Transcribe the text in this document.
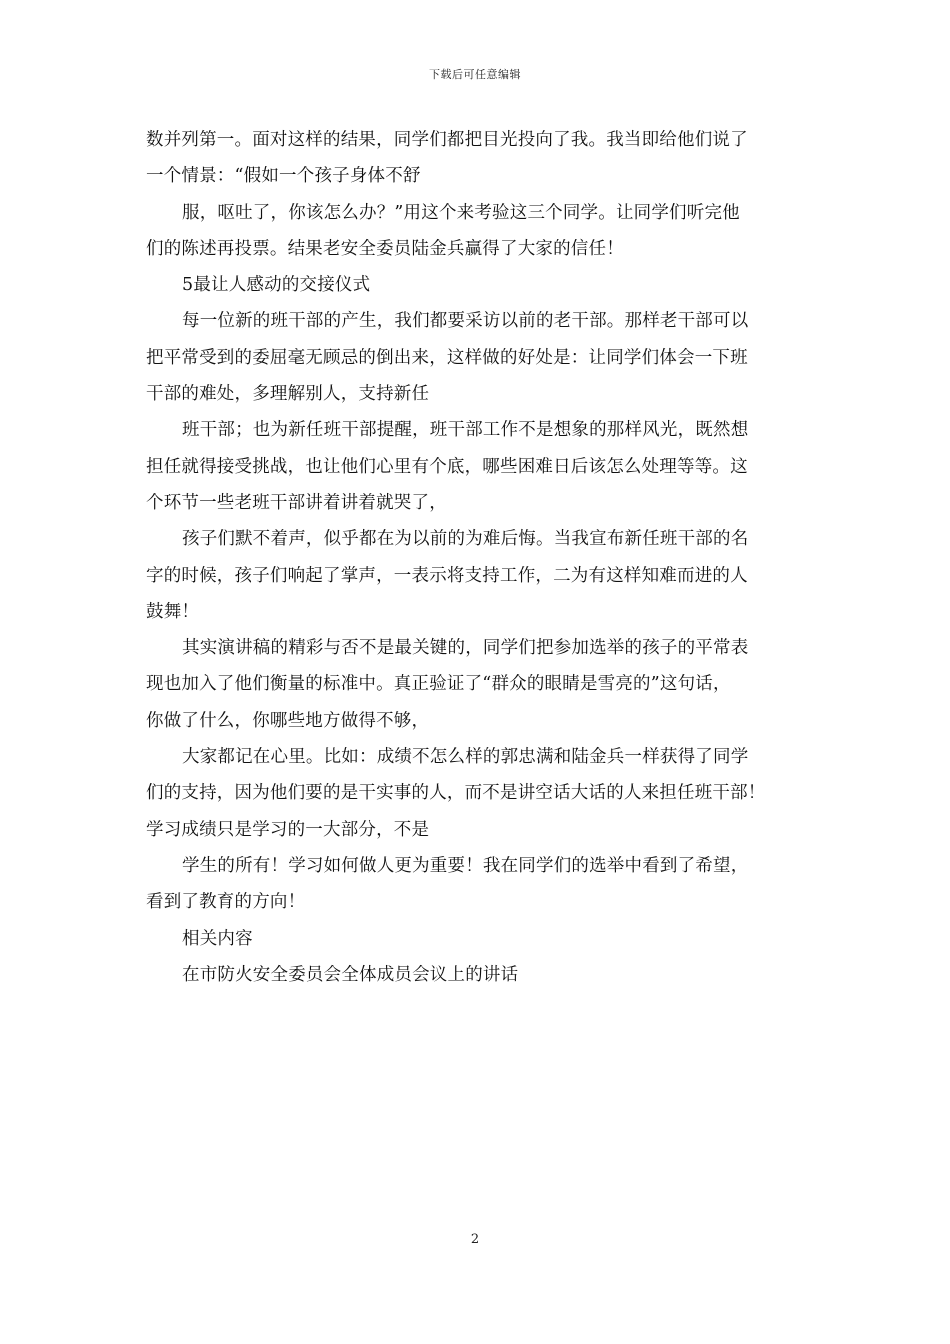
下载后可任意编辑
数并列第一。面对这样的结果，同学们都把目光投向了我。我当即给他们说了
一个情景：“假如一个孩子身体不舒
服，呕吐了，你该怎么办？”用这个来考验这三个同学。让同学们听完他
们的陈述再投票。结果老安全委员陆金兵赢得了大家的信任！
5最让人感动的交接仪式
每一位新的班干部的产生，我们都要采访以前的老干部。那样老干部可以
把平常受到的委屈毫无顾忌的倒出来，这样做的好处是：让同学们体会一下班
干部的难处，多理解别人，支持新任
班干部；也为新任班干部提醒，班干部工作不是想象的那样风光，既然想
担任就得接受挑战，也让他们心里有个底，哪些困难日后该怎么处理等等。这
个环节一些老班干部讲着讲着就哭了，
孩子们默不着声，似乎都在为以前的为难后悔。当我宣布新任班干部的名
字的时候，孩子们响起了掌声，一表示将支持工作，二为有这样知难而进的人
鼓舞！
其实演讲稿的精彩与否不是最关键的，同学们把参加选举的孩子的平常表
现也加入了他们衡量的标准中。真正验证了“群众的眼睛是雪亮的”这句话，
你做了什么，你哪些地方做得不够，
大家都记在心里。比如：成绩不怎么样的郭忠满和陆金兵一样获得了同学
们的支持，因为他们要的是干实事的人，而不是讲空话大话的人来担任班干部！
学习成绩只是学习的一大部分，不是
学生的所有！学习如何做人更为重要！我在同学们的选举中看到了希望，
看到了教育的方向！
相关内容
在市防火安全委员会全体成员会议上的讲话
2
